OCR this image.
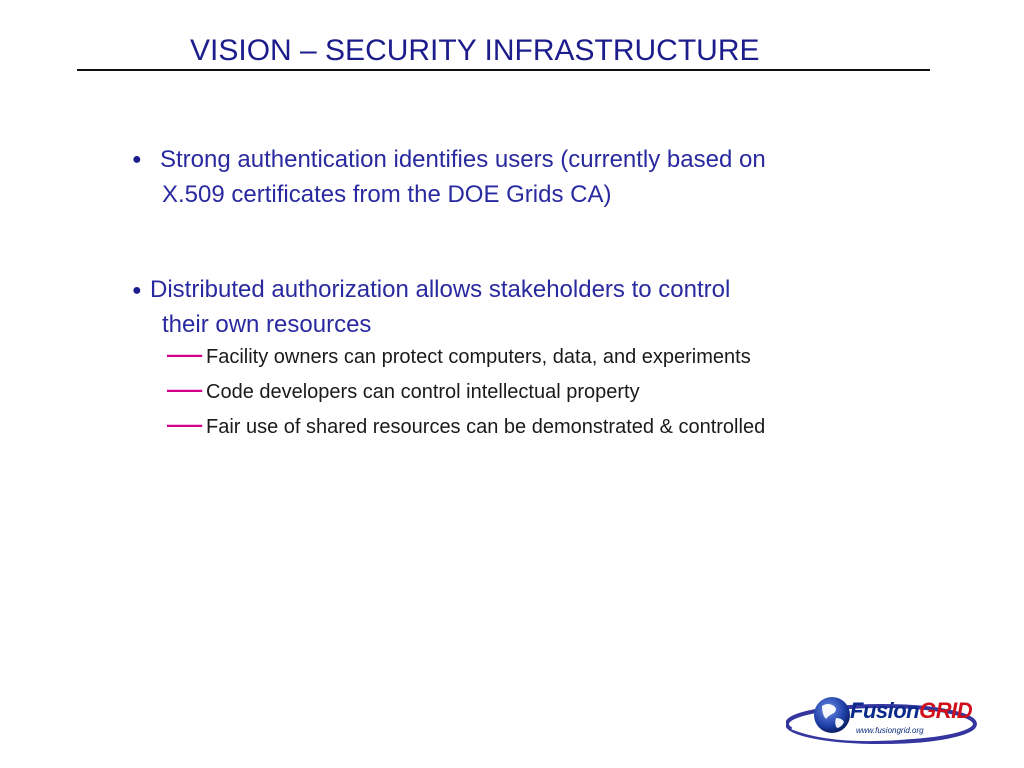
VISION – SECURITY INFRASTRUCTURE
● Strong authentication identifies users (currently based on
X.509 certificates from the DOE Grids CA)
● Distributed authorization allows stakeholders to control
their own resources
— Facility owners can protect computers, data, and experiments
— Code developers can control intellectual property
— Fair use of shared resources can be demonstrated & controlled
FusionGRID
www.fusiongrid.org
